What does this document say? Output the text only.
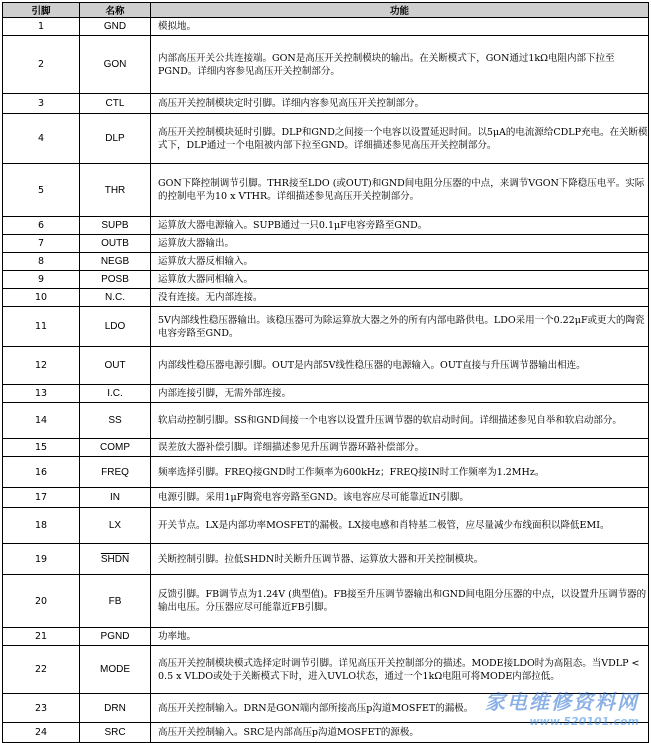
引脚	名称	功能
1	GND	模拟地。
2	GON	内部高压开关公共连接端。GON是高压开关控制模块的输出。在关断模式下，GON通过1kΩ电阻内部下拉至PGND。详细内容参见高压开关控制部分。
3	CTL	高压开关控制模块定时引脚。详细内容参见高压开关控制部分。
4	DLP	高压开关控制模块延时引脚。DLP和GND之间接一个电容以设置延迟时间。以5μA的电流源给CDLP充电。在关断模式下，DLP通过一个电阻被内部下拉至GND。详细描述参见高压开关控制部分。
5	THR	GON下降控制调节引脚。THR接至LDO (或OUT)和GND间电阻分压器的中点，来调节VGON下降稳压电平。实际的控制电平为10 x VTHR。详细描述参见高压开关控制部分。
6	SUPB	运算放大器电源输入。SUPB通过一只0.1μF电容旁路至GND。
7	OUTB	运算放大器输出。
8	NEGB	运算放大器反相输入。
9	POSB	运算放大器同相输入。
10	N.C.	没有连接。无内部连接。
11	LDO	5V内部线性稳压器输出。该稳压器可为除运算放大器之外的所有内部电路供电。LDO采用一个0.22μF或更大的陶瓷电容旁路至GND。
12	OUT	内部线性稳压器电源引脚。OUT是内部5V线性稳压器的电源输入。OUT直接与升压调节器输出相连。
13	I.C.	内部连接引脚，无需外部连接。
14	SS	软启动控制引脚。SS和GND间接一个电容以设置升压调节器的软启动时间。详细描述参见自举和软启动部分。
15	COMP	误差放大器补偿引脚。详细描述参见升压调节器环路补偿部分。
16	FREQ	频率选择引脚。FREQ接GND时工作频率为600kHz；FREQ接IN时工作频率为1.2MHz。
17	IN	电源引脚。采用1μF陶瓷电容旁路至GND。该电容应尽可能靠近IN引脚。
18	LX	开关节点。LX是内部功率MOSFET的漏极。LX接电感和肖特基二极管，应尽量减少布线面积以降低EMI。
19	SHDN	关断控制引脚。拉低SHDN时关断升压调节器、运算放大器和开关控制模块。
20	FB	反馈引脚。FB调节点为1.24V (典型值)。FB接至升压调节器输出和GND间电阻分压器的中点，以设置升压调节器的输出电压。分压器应尽可能靠近FB引脚。
21	PGND	功率地。
22	MODE	高压开关控制模块模式选择定时调节引脚。详见高压开关控制部分的描述。MODE接LDO时为高阻态。当VDLP < 0.5 x VLDO或处于关断模式下时，进入UVLO状态，通过一个1kΩ电阻可将MODE内部拉低。
23	DRN	高压开关控制输入。DRN是GON端内部所接高压p沟道MOSFET的漏极。
24	SRC	高压开关控制输入。SRC是内部高压p沟道MOSFET的源极。
家电维修资料网
www.520101.com
